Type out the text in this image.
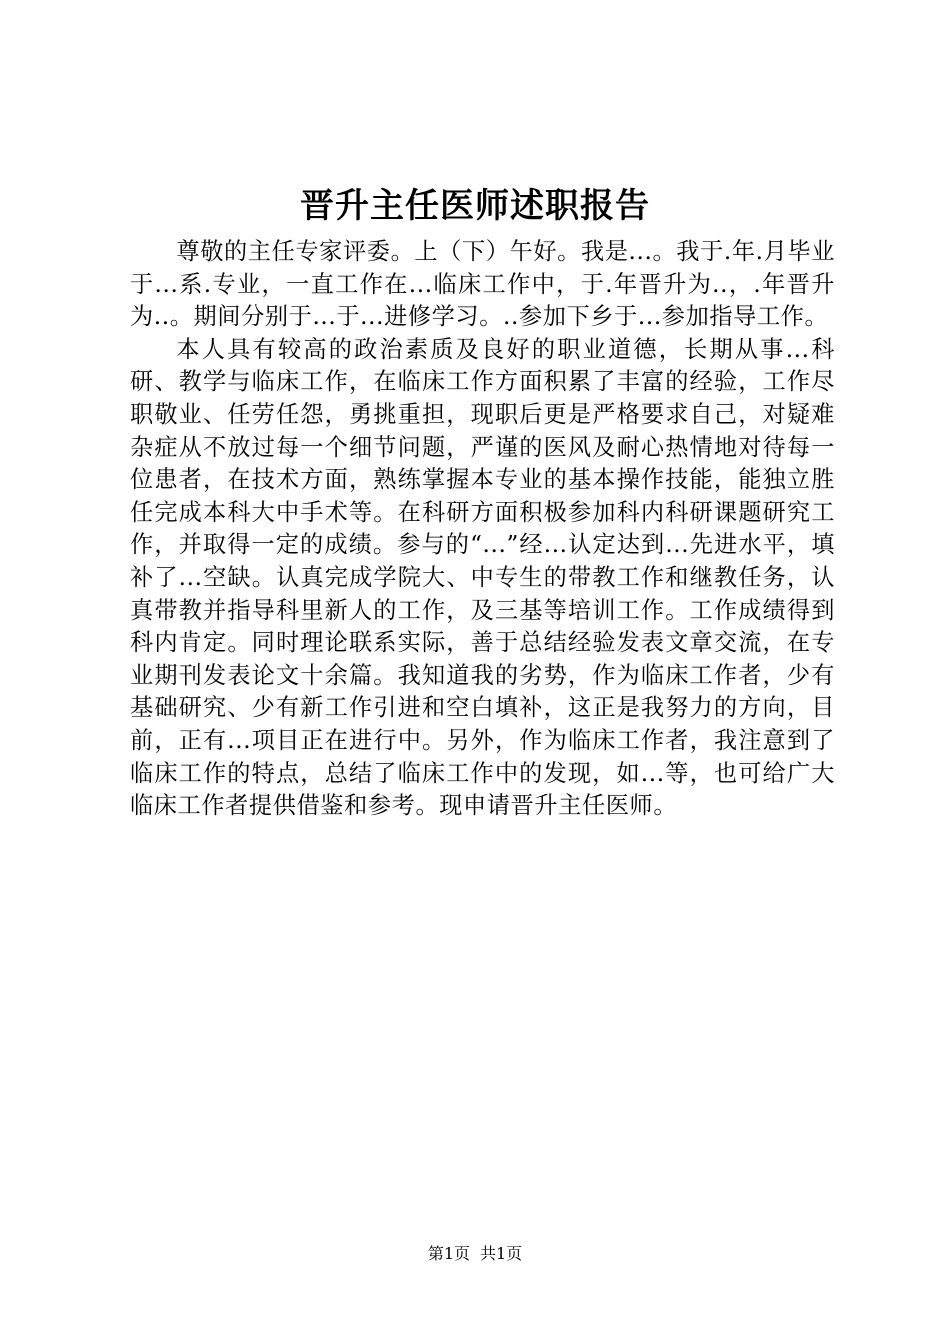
晋升主任医师述职报告

尊敬的主任专家评委。上（下）午好。我是...。我于.年.月毕业于...系.专业，一直工作在...临床工作中，于.年晋升为..，.年晋升为..。期间分别于...于...进修学习。..参加下乡于...参加指导工作。

本人具有较高的政治素质及良好的职业道德，长期从事...科研、教学与临床工作，在临床工作方面积累了丰富的经验，工作尽职敬业、任劳任怨，勇挑重担，现职后更是严格要求自己，对疑难杂症从不放过每一个细节问题，严谨的医风及耐心热情地对待每一位患者，在技术方面，熟练掌握本专业的基本操作技能，能独立胜任完成本科大中手术等。在科研方面积极参加科内科研课题研究工作，并取得一定的成绩。参与的“...”经...认定达到...先进水平，填补了...空缺。认真完成学院大、中专生的带教工作和继教任务，认真带教并指导科里新人的工作，及三基等培训工作。工作成绩得到科内肯定。同时理论联系实际，善于总结经验发表文章交流，在专业期刊发表论文十余篇。我知道我的劣势，作为临床工作者，少有基础研究、少有新工作引进和空白填补，这正是我努力的方向，目前，正有...项目正在进行中。另外，作为临床工作者，我注意到了临床工作的特点，总结了临床工作中的发现，如...等，也可给广大临床工作者提供借鉴和参考。现申请晋升主任医师。

第1页 共1页
